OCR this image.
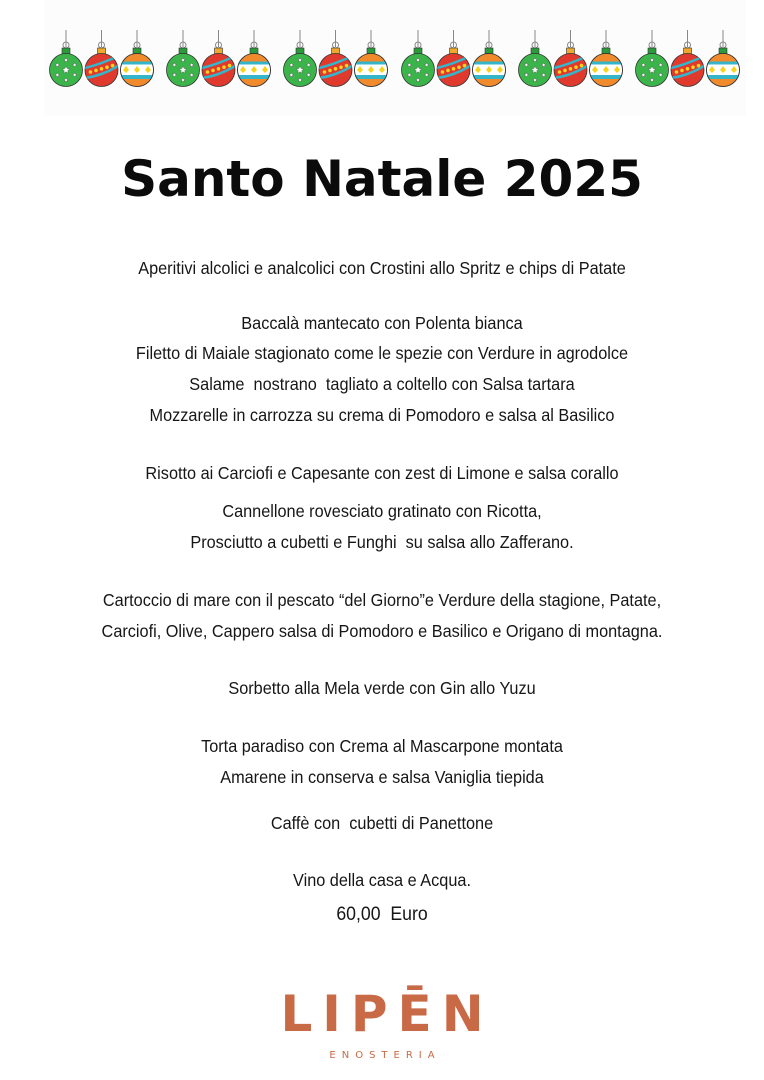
Santo Natale 2025
Aperitivi alcolici e analcolici con Crostini allo Spritz e chips di Patate
Baccalà mantecato con Polenta bianca
Filetto di Maiale stagionato come le spezie con Verdure in agrodolce
Salame  nostrano  tagliato a coltello con Salsa tartara
Mozzarelle in carrozza su crema di Pomodoro e salsa al Basilico
Risotto ai Carciofi e Capesante con zest di Limone e salsa corallo
Cannellone rovesciato gratinato con Ricotta,
Prosciutto a cubetti e Funghi  su salsa allo Zafferano.
Cartoccio di mare con il pescato “del Giorno”e Verdure della stagione, Patate,
Carciofi, Olive, Cappero salsa di Pomodoro e Basilico e Origano di montagna.
Sorbetto alla Mela verde con Gin allo Yuzu
Torta paradiso con Crema al Mascarpone montata
Amarene in conserva e salsa Vaniglia tiepida
Caffè con  cubetti di Panettone
Vino della casa e Acqua.
60,00  Euro
LIPĒN
ENOSTERIA
